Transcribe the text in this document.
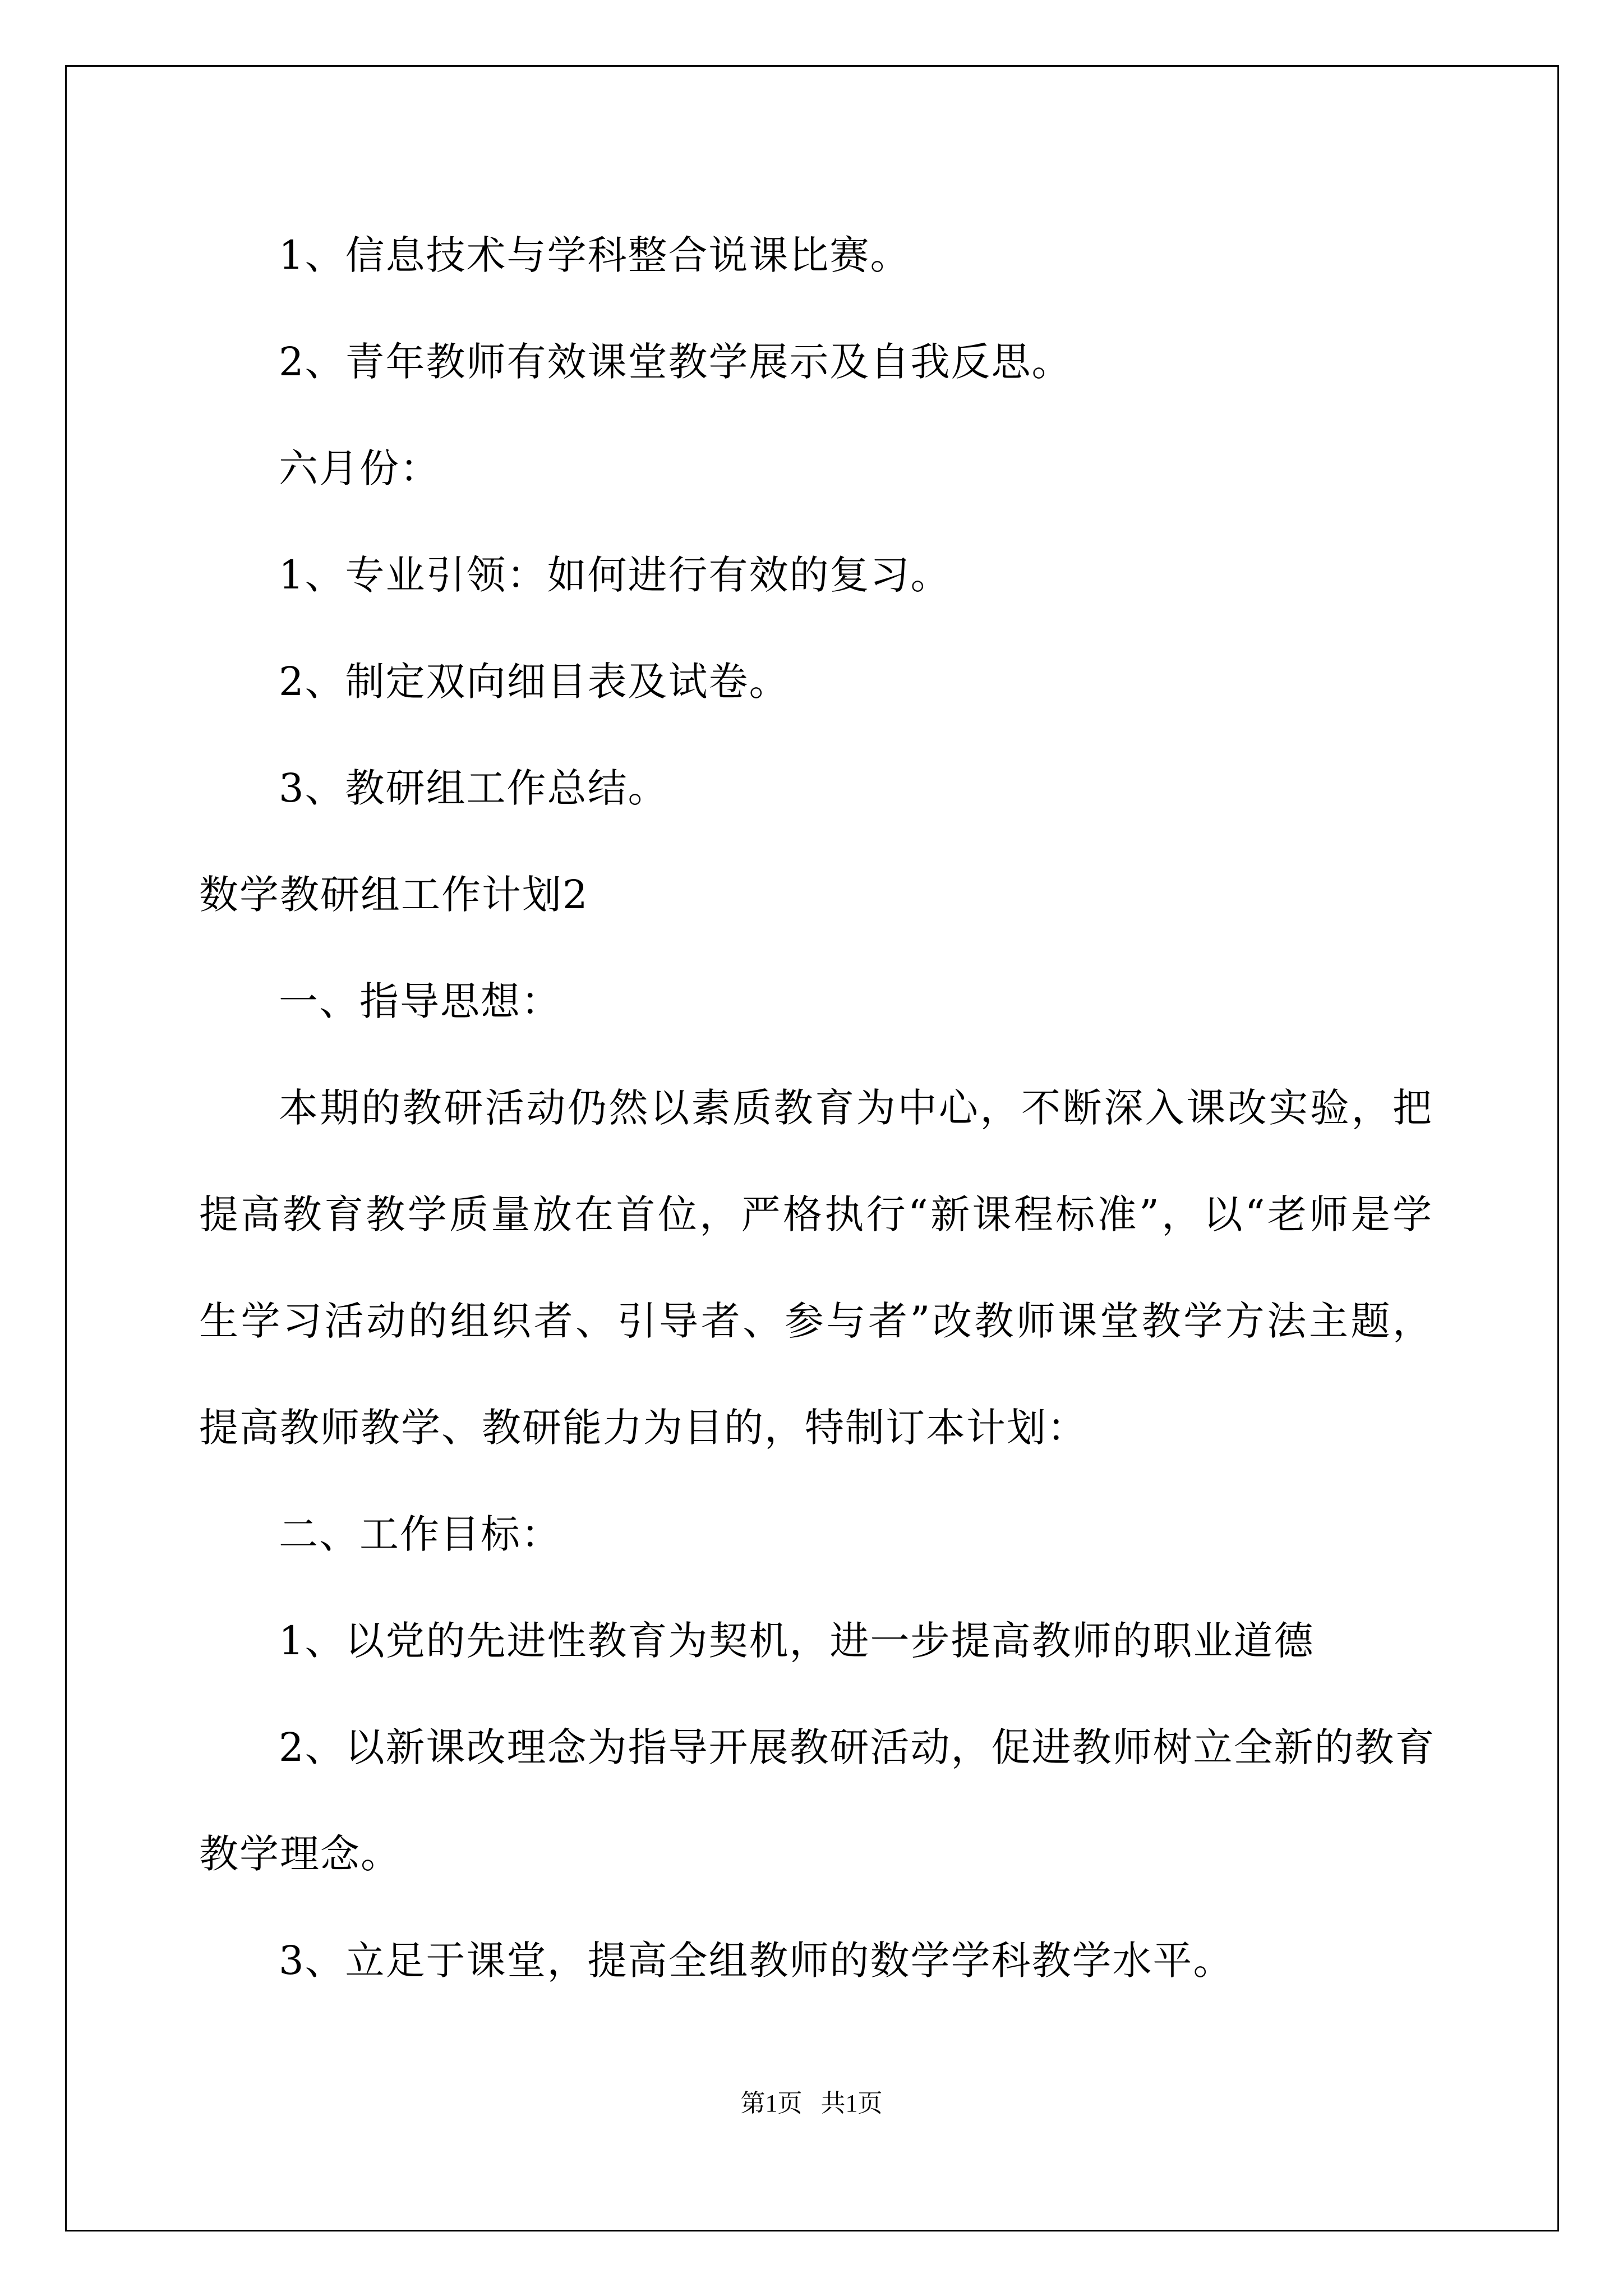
1、信息技术与学科整合说课比赛。
2、青年教师有效课堂教学展示及自我反思。
六月份：
1、专业引领：如何进行有效的复习。
2、制定双向细目表及试卷。
3、教研组工作总结。
数学教研组工作计划2
一、指导思想：
本期的教研活动仍然以素质教育为中心，不断深入课改实验，把
提高教育教学质量放在首位，严格执行“新课程标准”，以“老师是学
生学习活动的组织者、引导者、参与者”改教师课堂教学方法主题，
提高教师教学、教研能力为目的，特制订本计划：
二、工作目标：
1、以党的先进性教育为契机，进一步提高教师的职业道德
2、以新课改理念为指导开展教研活动，促进教师树立全新的教育
教学理念。
3、立足于课堂，提高全组教师的数学学科教学水平。
第1页   共1页
